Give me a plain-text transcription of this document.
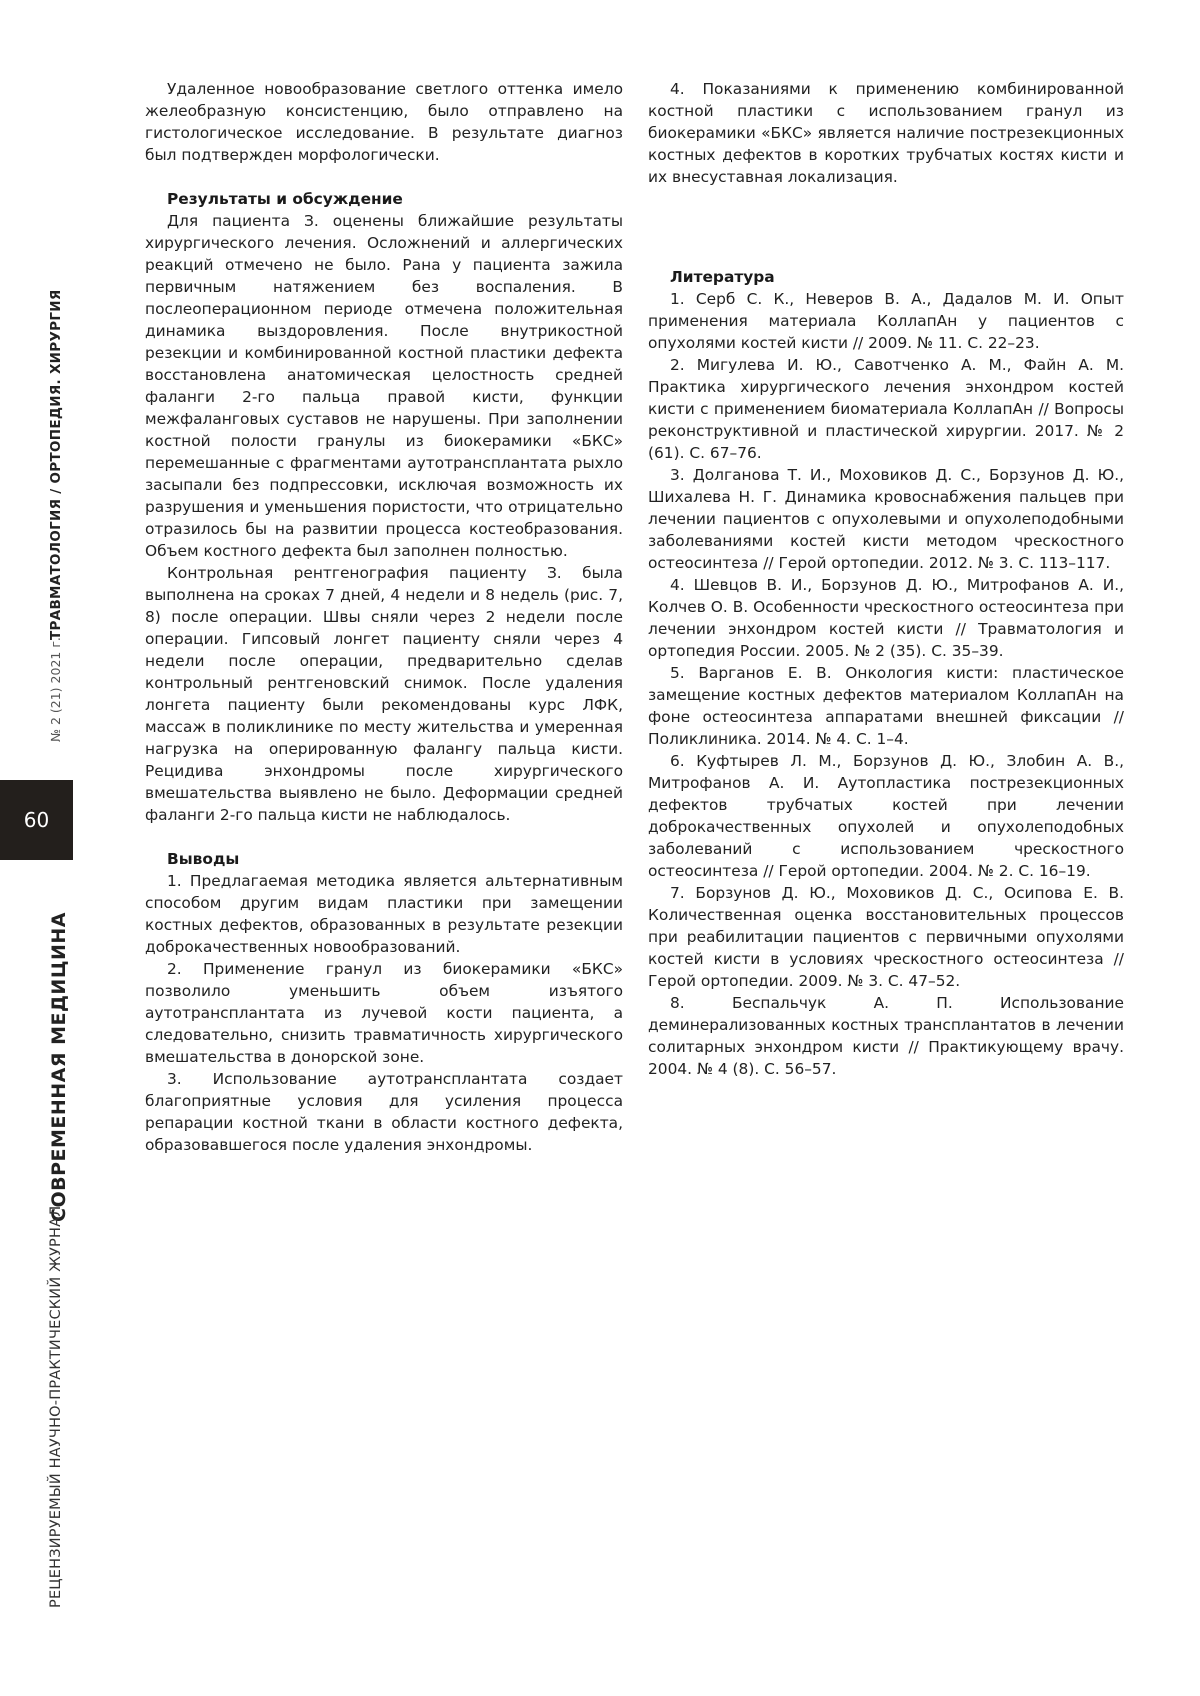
ТРАВМАТОЛОГИЯ / ОРТОПЕДИЯ. ХИРУРГИЯ
№ 2 (21) 2021 г.
60
СОВРЕМЕННАЯ МЕДИЦИНА
РЕЦЕНЗИРУЕМЫЙ НАУЧНО-ПРАКТИЧЕСКИЙ ЖУРНАЛ

Удаленное новообразование светлого оттенка имело желеобразную консистенцию, было отправлено на гистологическое исследование. В результате диагноз был подтвержден морфологически.

Результаты и обсуждение

Для пациента З. оценены ближайшие результаты хирургического лечения. Осложнений и аллергических реакций отмечено не было. Рана у пациента зажила первичным натяжением без воспаления. В послеоперационном периоде отмечена положительная динамика выздоровления. После внутрикостной резекции и комбинированной костной пластики дефекта восстановлена анатомическая целостность средней фаланги 2-го пальца правой кисти, функции межфаланговых суставов не нарушены. При заполнении костной полости гранулы из биокерамики «БКС» перемешанные с фрагментами аутотрансплантата рыхло засыпали без подпрессовки, исключая возможность их разрушения и уменьшения пористости, что отрицательно отразилось бы на развитии процесса костеобразования. Объем костного дефекта был заполнен полностью.

Контрольная рентгенография пациенту З. была выполнена на сроках 7 дней, 4 недели и 8 недель (рис. 7, 8) после операции. Швы сняли через 2 недели после операции. Гипсовый лонгет пациенту сняли через 4 недели после операции, предварительно сделав контрольный рентгеновский снимок. После удаления лонгета пациенту были рекомендованы курс ЛФК, массаж в поликлинике по месту жительства и умеренная нагрузка на оперированную фалангу пальца кисти. Рецидива энхондромы после хирургического вмешательства выявлено не было. Деформации средней фаланги 2-го пальца кисти не наблюдалось.

Выводы

1. Предлагаемая методика является альтернативным способом другим видам пластики при замещении костных дефектов, образованных в результате резекции доброкачественных новообразований.

2. Применение гранул из биокерамики «БКС» позволило уменьшить объем изъятого аутотрансплантата из лучевой кости пациента, а следовательно, снизить травматичность хирургического вмешательства в донорской зоне.

3. Использование аутотрансплантата создает благоприятные условия для усиления процесса репарации костной ткани в области костного дефекта, образовавшегося после удаления энхондромы.

4. Показаниями к применению комбинированной костной пластики с использованием гранул из биокерамики «БКС» является наличие пострезекционных костных дефектов в коротких трубчатых костях кисти и их внесуставная локализация.

Литература

1. Серб С. К., Неверов В. А., Дадалов М. И. Опыт применения материала КоллапАн у пациентов с опухолями костей кисти // 2009. № 11. С. 22–23.

2. Мигулева И. Ю., Савотченко А. М., Файн А. М. Практика хирургического лечения энхондром костей кисти с применением биоматериала КоллапАн // Вопросы реконструктивной и пластической хирургии. 2017. № 2 (61). С. 67–76.

3. Долганова Т. И., Моховиков Д. С., Борзунов Д. Ю., Шихалева Н. Г. Динамика кровоснабжения пальцев при лечении пациентов с опухолевыми и опухолеподобными заболеваниями костей кисти методом чрескостного остеосинтеза // Герой ортопедии. 2012. № 3. С. 113–117.

4. Шевцов В. И., Борзунов Д. Ю., Митрофанов А. И., Колчев О. В. Особенности чрескостного остеосинтеза при лечении энхондром костей кисти // Травматология и ортопедия России. 2005. № 2 (35). С. 35–39.

5. Варганов Е. В. Онкология кисти: пластическое замещение костных дефектов материалом КоллапАн на фоне остеосинтеза аппаратами внешней фиксации // Поликлиника. 2014. № 4. С. 1–4.

6. Куфтырев Л. М., Борзунов Д. Ю., Злобин А. В., Митрофанов А. И. Аутопластика пострезекционных дефектов трубчатых костей при лечении доброкачественных опухолей и опухолеподобных заболеваний с использованием чрескостного остеосинтеза // Герой ортопедии. 2004. № 2. С. 16–19.

7. Борзунов Д. Ю., Моховиков Д. С., Осипова Е. В. Количественная оценка восстановительных процессов при реабилитации пациентов с первичными опухолями костей кисти в условиях чрескостного остеосинтеза // Герой ортопедии. 2009. № 3. С. 47–52.

8. Беспальчук А. П. Использование деминерализованных костных трансплантатов в лечении солитарных энхондром кисти // Практикующему врачу. 2004. № 4 (8). С. 56–57.
